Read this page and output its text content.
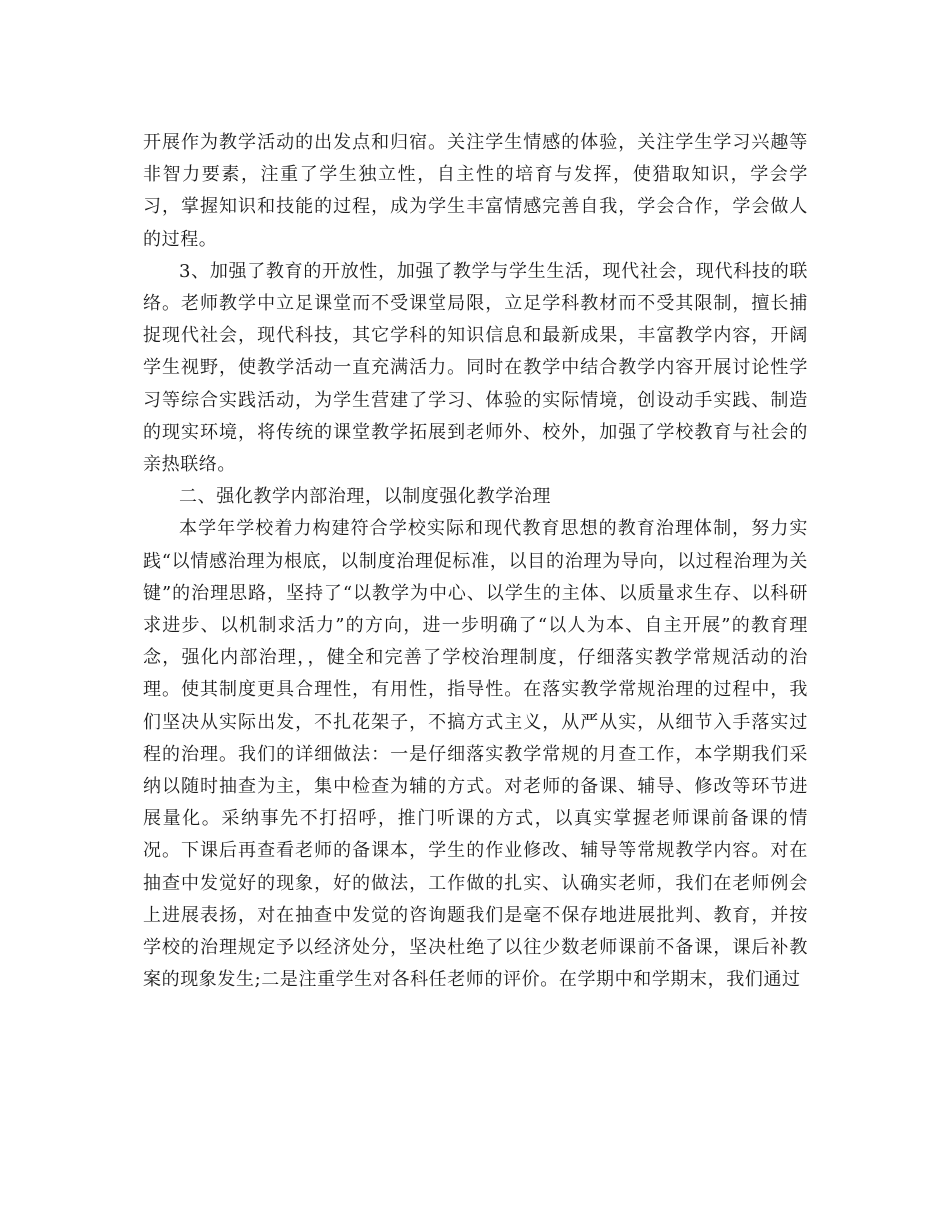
开展作为教学活动的出发点和归宿。关注学生情感的体验，关注学生学习兴趣等非智力要素，注重了学生独立性，自主性的培育与发挥，使猎取知识，学会学习，掌握知识和技能的过程，成为学生丰富情感完善自我，学会合作，学会做人的过程。

3、加强了教育的开放性，加强了教学与学生生活，现代社会，现代科技的联络。老师教学中立足课堂而不受课堂局限，立足学科教材而不受其限制，擅长捕捉现代社会，现代科技，其它学科的知识信息和最新成果，丰富教学内容，开阔学生视野，使教学活动一直充满活力。同时在教学中结合教学内容开展讨论性学习等综合实践活动，为学生营建了学习、体验的实际情境，创设动手实践、制造的现实环境，将传统的课堂教学拓展到老师外、校外，加强了学校教育与社会的亲热联络。

二、强化教学内部治理，以制度强化教学治理

本学年学校着力构建符合学校实际和现代教育思想的教育治理体制，努力实践“以情感治理为根底，以制度治理促标准，以目的治理为导向，以过程治理为关键”的治理思路，坚持了“以教学为中心、以学生的主体、以质量求生存、以科研求进步、以机制求活力”的方向，进一步明确了“以人为本、自主开展”的教育理念，强化内部治理，，健全和完善了学校治理制度，仔细落实教学常规活动的治理。使其制度更具合理性，有用性，指导性。在落实教学常规治理的过程中，我们坚决从实际出发，不扎花架子，不搞方式主义，从严从实，从细节入手落实过程的治理。我们的详细做法：一是仔细落实教学常规的月查工作，本学期我们采纳以随时抽查为主，集中检查为辅的方式。对老师的备课、辅导、修改等环节进展量化。采纳事先不打招呼，推门听课的方式，以真实掌握老师课前备课的情况。下课后再查看老师的备课本，学生的作业修改、辅导等常规教学内容。对在抽查中发觉好的现象，好的做法，工作做的扎实、认确实老师，我们在老师例会上进展表扬，对在抽查中发觉的咨询题我们是毫不保存地进展批判、教育，并按学校的治理规定予以经济处分，坚决杜绝了以往少数老师课前不备课，课后补教案的现象发生;二是注重学生对各科任老师的评价。在学期中和学期末，我们通过
